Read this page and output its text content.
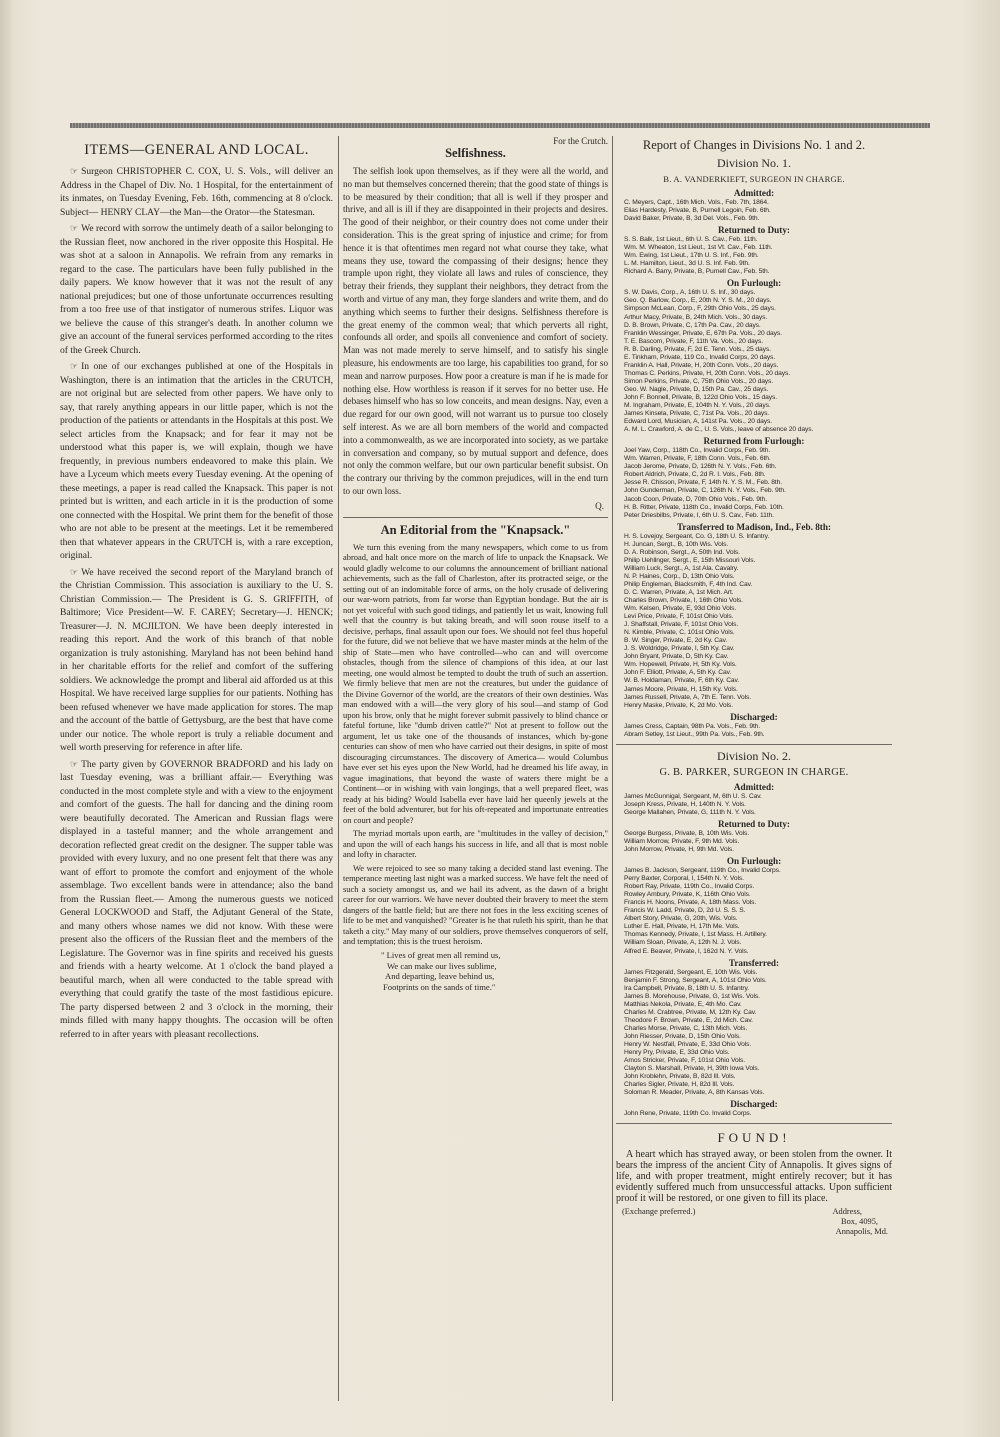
ITEMS—GENERAL AND LOCAL.

☞ Surgeon CHRISTOPHER C. COX, U. S. Vols., will deliver an Address in the Chapel of Div. No. 1 Hospital, for the entertainment of its inmates, on Tuesday Evening, Feb. 16th, commencing at 8 o'clock. Subject— HENRY CLAY—the Man—the Orator—the Statesman.

☞ We record with sorrow the untimely death of a sailor belonging to the Russian fleet, now anchored in the river opposite this Hospital. He was shot at a saloon in Annapolis. We refrain from any remarks in regard to the case. The particulars have been fully published in the daily papers. We know however that it was not the result of any national prejudices; but one of those unfortunate occurrences resulting from a too free use of that instigator of numerous strifes. Liquor was we believe the cause of this stranger's death. In another column we give an account of the funeral services performed according to the rites of the Greek Church.

☞ In one of our exchanges published at one of the Hospitals in Washington, there is an intimation that the articles in the CRUTCH, are not original but are selected from other papers. We have only to say, that rarely anything appears in our little paper, which is not the production of the patients or attendants in the Hospitals at this post. We select articles from the Knapsack; and for fear it may not be understood what this paper is, we will explain, though we have frequently, in previous numbers endeavored to make this plain. We have a Lyceum which meets every Tuesday evening. At the opening of these meetings, a paper is read called the Knapsack. This paper is not printed but is written, and each article in it is the production of some one connected with the Hospital. We print them for the benefit of those who are not able to be present at the meetings. Let it be remembered then that whatever appears in the CRUTCH is, with a rare exception, original.

☞ We have received the second report of the Maryland branch of the Christian Commission. This association is auxiliary to the U. S. Christian Commission.— The President is G. S. GRIFFITH, of Baltimore; Vice President—W. F. CAREY; Secretary—J. HENCK; Treasurer—J. N. MCJILTON. We have been deeply interested in reading this report. And the work of this branch of that noble organization is truly astonishing. Maryland has not been behind hand in her charitable efforts for the relief and comfort of the suffering soldiers. We acknowledge the prompt and liberal aid afforded us at this Hospital. We have received large supplies for our patients. Nothing has been refused whenever we have made application for stores. The map and the account of the battle of Gettysburg, are the best that have come under our notice. The whole report is truly a reliable document and well worth preserving for reference in after life.

☞ The party given by GOVERNOR BRADFORD and his lady on last Tuesday evening, was a brilliant affair.— Everything was conducted in the most complete style and with a view to the enjoyment and comfort of the guests. The hall for dancing and the dining room were beautifully decorated. The American and Russian flags were displayed in a tasteful manner; and the whole arrangement and decoration reflected great credit on the designer. The supper table was provided with every luxury, and no one present felt that there was any want of effort to promote the comfort and enjoyment of the whole assemblage. Two excellent bands were in attendance; also the band from the Russian fleet.— Among the numerous guests we noticed General LOCKWOOD and Staff, the Adjutant General of the State, and many others whose names we did not know. With these were present also the officers of the Russian fleet and the members of the Legislature. The Governor was in fine spirits and received his guests and friends with a hearty welcome. At 1 o'clock the band played a beautiful march, when all were conducted to the table spread with everything that could gratify the taste of the most fastidious epicure. The party dispersed between 2 and 3 o'clock in the morning, their minds filled with many happy thoughts. The occasion will be often referred to in after years with pleasant recollections.

For the Crutch.
Selfishness.

The selfish look upon themselves, as if they were all the world, and no man but themselves concerned therein; that the good state of things is to be measured by their condition; that all is well if they prosper and thrive, and all is ill if they are disappointed in their projects and desires. The good of their neighbor, or their country does not come under their consideration. This is the great spring of injustice and crime; for from hence it is that oftentimes men regard not what course they take, what means they use, toward the compassing of their designs; hence they trample upon right, they violate all laws and rules of conscience, they betray their friends, they supplant their neighbors, they detract from the worth and virtue of any man, they forge slanders and write them, and do anything which seems to further their designs. Selfishness therefore is the great enemy of the common weal; that which perverts all right, confounds all order, and spoils all convenience and comfort of society. Man was not made merely to serve himself, and to satisfy his single pleasure, his endowments are too large, his capabilities too grand, for so mean and narrow purposes. How poor a creature is man if he is made for nothing else. How worthless is reason if it serves for no better use. He debases himself who has so low conceits, and mean designs. Nay, even a due regard for our own good, will not warrant us to pursue too closely self interest. As we are all born members of the world and compacted into a commonwealth, as we are incorporated into society, as we partake in conversation and company, so by mutual support and defence, does not only the common welfare, but our own particular benefit subsist. On the contrary our thriving by the common prejudices, will in the end turn to our own loss.

Q.
An Editorial from the "Knapsack."

We turn this evening from the many newspapers, which come to us from abroad, and halt once more on the march of life to unpack the Knapsack. We would gladly welcome to our columns the announcement of brilliant national achievements, such as the fall of Charleston, after its protracted seige, or the setting out of an indomitable force of arms, on the holy crusade of delivering our war-worn patriots, from far worse than Egyptian bondage. But the air is not yet voiceful with such good tidings, and patiently let us wait, knowing full well that the country is but taking breath, and will soon rouse itself to a decisive, perhaps, final assault upon our foes. We should not feel thus hopeful for the future, did we not believe that we have master minds at the helm of the ship of State—men who have controlled—who can and will overcome obstacles, though from the silence of champions of this idea, at our last meeting, one would almost be tempted to doubt the truth of such an assertion. We firmly believe that men are not the creatures, but under the guidance of the Divine Governor of the world, are the creators of their own destinies. Was man endowed with a will—the very glory of his soul—and stamp of God upon his brow, only that he might forever submit passively to blind chance or fateful fortune, like "dumb driven cattle?" Not at present to follow out the argument, let us take one of the thousands of instances, which by-gone centuries can show of men who have carried out their designs, in spite of most discouraging circumstances. The discovery of America— would Columbus have ever set his eyes upon the New World, had he dreamed his life away, in vague imaginations, that beyond the waste of waters there might be a Continent—or in wishing with vain longings, that a well prepared fleet, was ready at his biding? Would Isabella ever have laid her queenly jewels at the feet of the bold adventurer, but for his oft-repeated and importunate entreaties on court and people?

The myriad mortals upon earth, are "multitudes in the valley of decision," and upon the will of each hangs his success in life, and all that is most noble and lofty in character.

We were rejoiced to see so many taking a decided stand last evening. The temperance meeting last night was a marked success. We have felt the need of such a society amongst us, and we hail its advent, as the dawn of a bright career for our warriors. We have never doubted their bravery to meet the stern dangers of the battle field; but are there not foes in the less exciting scenes of life to be met and vanquished? "Greater is he that ruleth his spirit, than he that taketh a city." May many of our soldiers, prove themselves conquerors of self, and temptation; this is the truest heroism.

" Lives of great men all remind us,
We can make our lives sublime,
And departing, leave behind us,
Footprints on the sands of time."
Report of Changes in Divisions No. 1 and 2.
Division No. 1.
B. A. VANDERKIEFT, SURGEON IN CHARGE.
Admitted:
C. Meyers, Capt., 16th Mich. Vols., Feb. 7th, 1864.
Elias Hardesty, Private, B, Purnell Legoin, Feb. 6th.
David Baker, Private, B, 3d Del. Vols., Feb. 9th.
Returned to Duty:
S. S. Balk, 1st Lieut., 6th U. S. Cav., Feb. 11th.
Wm. M. Wheaton, 1st Lieut., 1st Vt. Cav., Feb. 11th.
Wm. Ewing, 1st Lieut., 17th U. S. Inf., Feb. 9th.
L. M. Hamilton, Lieut., 3d U. S. Inf. Feb. 9th.
Richard A. Barry, Private, B, Purnell Cav., Feb. 5th.
On Furlough:
S. W. Davis, Corp., A, 16th U. S. Inf., 30 days.
Geo. Q. Barlow, Corp., E, 20th N. Y. S. M., 20 days.
Simpson McLean, Corp., F, 29th Ohio Vols., 25 days.
Arthur Macy, Private, B, 24th Mich. Vols., 30 days.
D. B. Brown, Private, C, 17th Pa. Cav., 20 days.
Franklin Wessinger, Private, E, 67th Pa. Vols., 20 days.
T. E. Bascom, Private, F, 11th Va. Vols., 20 days.
R. B. Darling, Private, F, 2d E. Tenn. Vols., 25 days.
E. Tinkham, Private, 119 Co., Invalid Corps, 20 days.
Franklin A. Hall, Private, H, 20th Conn. Vols., 20 days.
Thomas C. Perkins, Private, H, 20th Conn. Vols., 20 days.
Simon Perkins, Private, C, 75th Ohio Vols., 20 days.
Geo. W. Nagle, Private, D, 15th Pa. Cav., 25 days.
John F. Bonnell, Private, B, 122d Ohio Vols., 15 days.
M. Ingraham, Private, E, 104th N. Y. Vols., 20 days.
James Kinsela, Private, C, 71st Pa. Vols., 20 days.
Edward Lord, Musician, A, 141st Pa. Vols., 20 days.
A. M. L. Crawford, A. de C., U. S. Vols., leave of absence 20 days.
Returned from Furlough:
Joel Yaw, Corp., 118th Co., Invalid Corps, Feb. 9th.
Wm. Warren, Private, F, 18th Conn. Vols., Feb. 6th.
Jacob Jerome, Private, D, 126th N. Y. Vols., Feb. 6th.
Robert Aldrich, Private, C, 2d R. I. Vols., Feb. 8th.
Jesse R. Chisson, Private, F, 14th N. Y. S. M., Feb. 8th.
John Gunderman, Private, C, 126th N. Y. Vols., Feb. 9th.
Jacob Coon, Private, D, 70th Ohio Vols., Feb. 9th.
H. B. Ritter, Private, 118th Co., Invalid Corps, Feb. 10th.
Peter Driesbilbs, Private, I, 6th U. S. Cav., Feb. 11th.
Transferred to Madison, Ind., Feb. 8th:
H. S. Lovejoy, Sergeant, Co. G, 18th U. S. Infantry.
H. Juncan, Sergt., B, 10th Wis. Vols.
D. A. Robinson, Sergt., A, 50th Ind. Vols.
Philip Uehllnger, Sergt., E, 15th Missouri Vols.
William Luck, Sergt., A, 1st Ala. Cavalry.
N. P. Haines, Corp., D, 13th Ohio Vols.
Philip Engleman, Blacksmith, F, 4th Ind. Cav.
D. C. Warren, Private, A, 1st Mich. Art.
Charles Brown, Private, I, 16th Ohio Vols.
Wm. Kelsen, Private, E, 93d Ohio Vols.
Levi Price, Private, F, 101st Ohio Vols.
J. Shaffstall, Private, F, 101st Ohio Vols.
N. Kimble, Private, C, 101st Ohio Vols.
B. W. Singer, Private, E, 2d Ky. Cav.
J. S. Woldridge, Private, I, 5th Ky. Cav.
John Bryant, Private, D, 5th Ky. Cav.
Wm. Hopewell, Private, H, 5th Ky. Vols.
John F. Elliott, Private, A, 5th Ky. Cav.
W. B. Holdaman, Private, F, 6th Ky. Cav.
James Moore, Private, H, 15th Ky. Vols.
James Russell, Private, A, 7th E. Tenn. Vols.
Henry Maske, Private, K, 2d Mo. Vols.
Discharged:
James Cress, Captain, 98th Pa. Vols., Feb. 9th.
Abram Setley, 1st Lieut., 99th Pa. Vols., Feb. 9th.
Division No. 2.
G. B. PARKER, SURGEON IN CHARGE.
Admitted:
James McGunnigal, Sergeant, M, 6th U. S. Cav.
Joseph Kress, Private, H, 140th N. Y. Vols.
George Mallahen, Private, G, 111th N. Y. Vols.
Returned to Duty:
George Burgess, Private, B, 10th Wis. Vols.
William Morrow, Private, F, 9th Md. Vols.
John Morrow, Private, H, 9th Md. Vols.
On Furlough:
James B. Jackson, Sergeant, 119th Co., Invalid Corps.
Perry Baxter, Corporal, I, 154th N. Y. Vols.
Robert Ray, Private, 119th Co., Invalid Corps.
Rowley Ambury, Private, K, 116th Ohio Vols.
Francis H. Noons, Private, A, 18th Mass. Vols.
Francis W. Ladd, Private, D, 2d U. S. S. S.
Albert Story, Private, G, 20th, Wis. Vols.
Luther E. Hall, Private, H, 17th Me. Vols.
Thomas Kennedy, Private, I, 1st Mass. H. Artillery.
William Sloan, Private, A, 12th N. J. Vols.
Alfred E. Beaver, Private, I, 162d N. Y. Vols.
Transferred:
James Fitzgerald, Sergeant, E, 10th Wis. Vols.
Benjamin F. Strong, Sergeant, A, 101st Ohio Vols.
Ira Campbell, Private, B, 18th U. S. Infantry.
James B. Morehouse, Private, G, 1st Wis. Vols.
Matthias Nekola, Private, E, 4th Mo. Cav.
Charles M. Crabtree, Private, M, 12th Ky. Cav.
Theodore F. Brown, Private, E, 2d Mich. Cav.
Charles Morse, Private, C, 13th Mich. Vols.
John Riesser, Private, D, 15th Ohio Vols.
Henry W. Nestfall, Private, E, 33d Ohio Vols.
Henry Pry, Private, E, 33d Ohio Vols.
Amos Stricker, Private, F, 101st Ohio Vols.
Clayton S. Marshall, Private, H, 39th Iowa Vols.
John Kroblehn, Private, B, 82d Ill. Vols.
Charles Sigler, Private, H, 82d Ill. Vols.
Soloman R. Meader, Private, A, 8th Kansas Vols.
Discharged:
John Rene, Private, 119th Co. Invalid Corps.
FOUND!

A heart which has strayed away, or been stolen from the owner. It bears the impress of the ancient City of Annapolis. It gives signs of life, and with proper treatment, might entirely recover; but it has evidently suffered much from unsuccessful attacks. Upon sufficient proof it will be restored, or one given to fill its place.

(Exchange preferred.)	Address,
Box, 4095,
Annapolis, Md.
